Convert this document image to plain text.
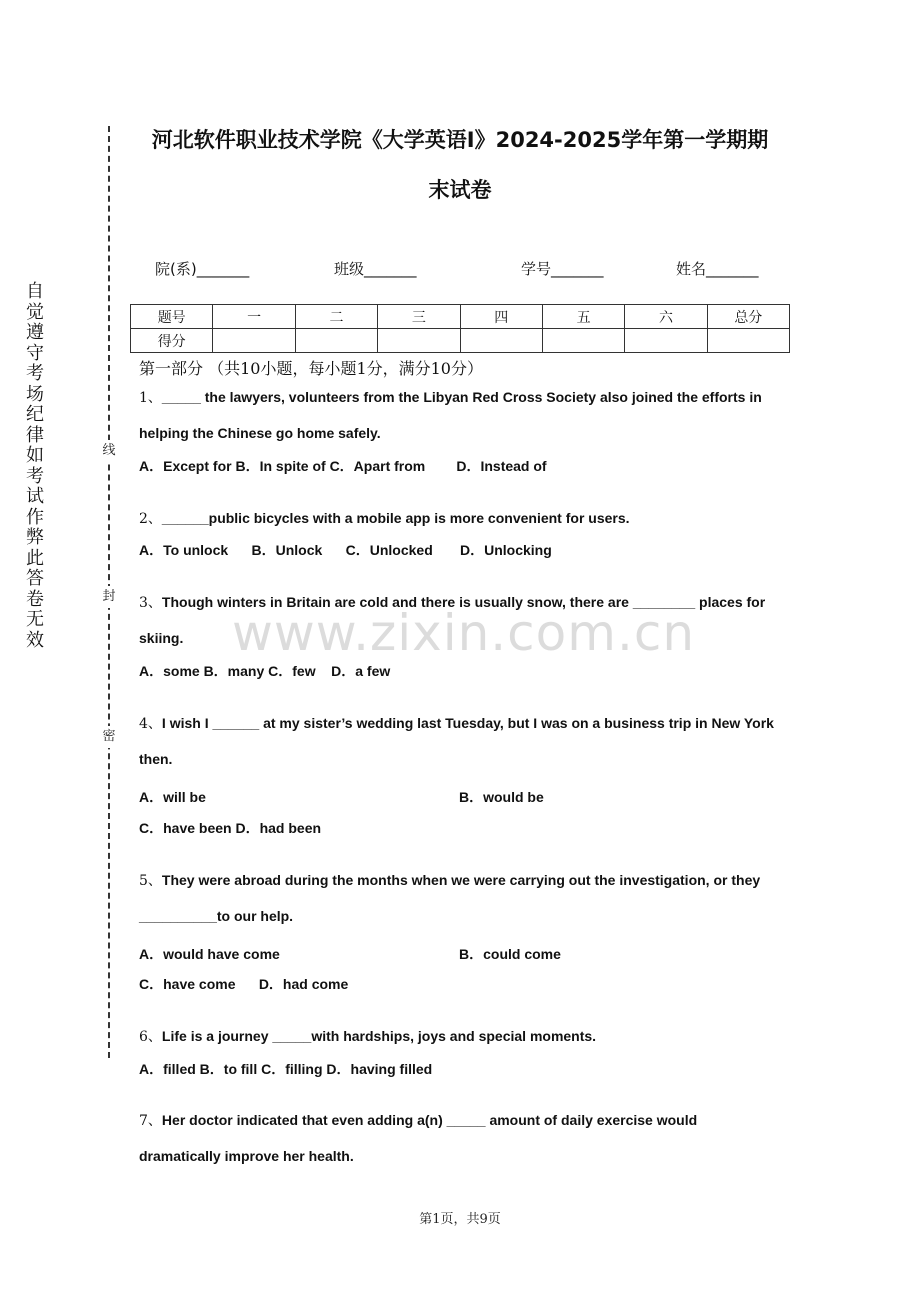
自觉遵守考场纪律如考试作弊此答卷无效
线
封
密
河北软件职业技术学院《大学英语Ⅰ》2024-2025学年第一学期期
末试卷
院(系)_______	班级_______	学号_______	姓名_______
题号	一	二	三	四	五	六	总分
得分							
第一部分 （共10小题，每小题1分，满分10分）
www.zixin.com.cn
1、_____ the lawyers, volunteers from the Libyan Red Cross Society also joined the efforts in
helping the Chinese go home safely.
A．Except for B．In spite of C．Apart from        D．Instead of
2、______public bicycles with a mobile app is more convenient for users.
A．To unlock      B．Unlock      C．Unlocked       D．Unlocking
3、Though winters in Britain are cold and there is usually snow, there are ________ places for
skiing.
A．some B．many C．few    D．a few
4、I wish I ______ at my sister’s wedding last Tuesday, but I was on a business trip in New York
then.
A．will be	B．would be
C．have been D．had been
5、They were abroad during the months when we were carrying out the investigation, or they
__________to our help.
A．would have come	B．could come
C．have come      D．had come
6、Life is a journey _____with hardships, joys and special moments.
A．filled B．to fill C．filling D．having filled
7、Her doctor indicated that even adding a(n) _____ amount of daily exercise would
dramatically improve her health.
第1页，共9页
